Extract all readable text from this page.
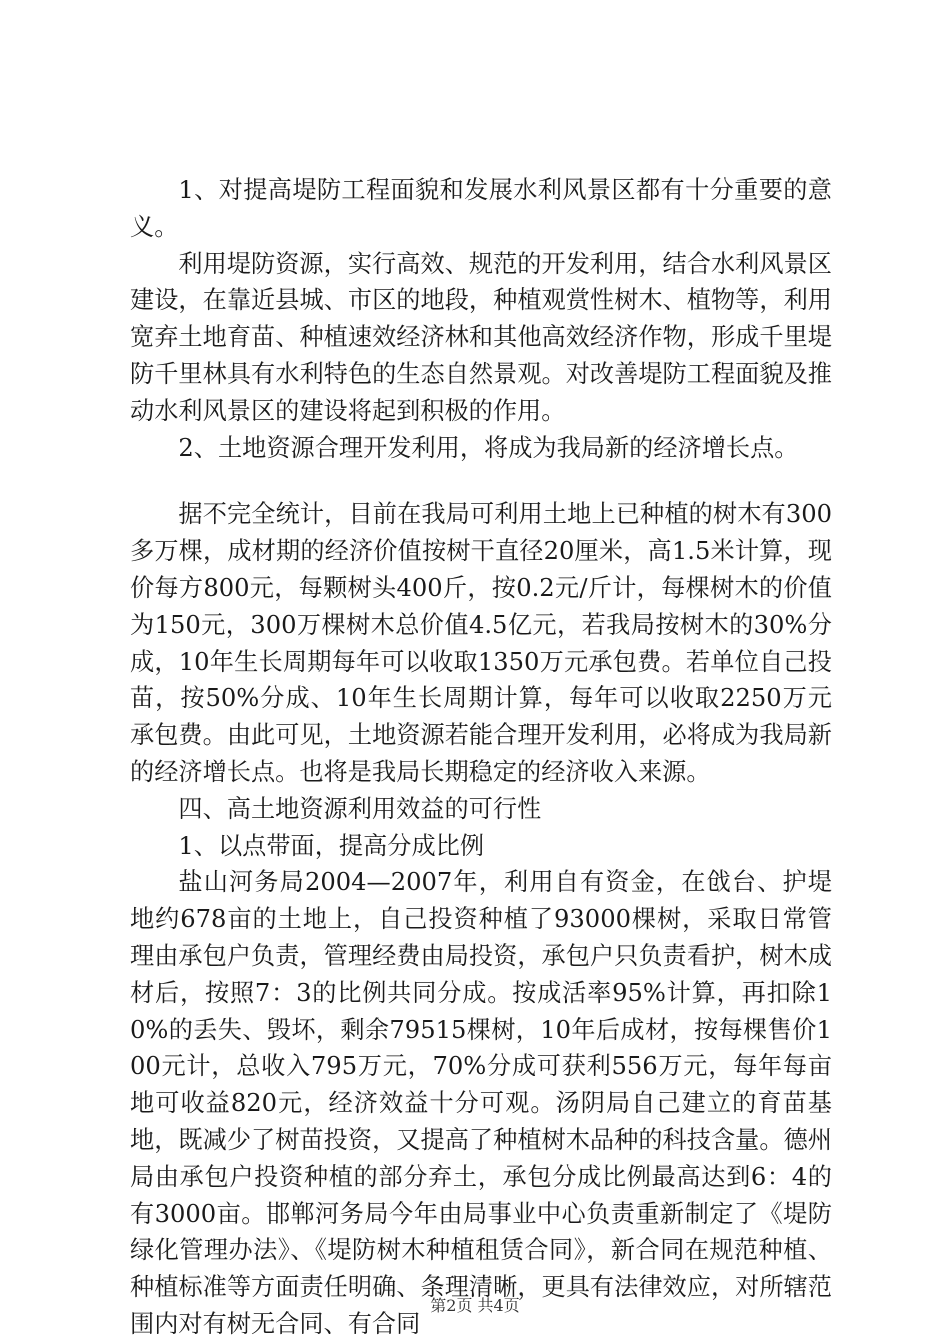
1、对提高堤防工程面貌和发展水利风景区都有十分重要的意义。

利用堤防资源，实行高效、规范的开发利用，结合水利风景区建设，在靠近县城、市区的地段，种植观赏性树木、植物等，利用宽弃土地育苗、种植速效经济林和其他高效经济作物，形成千里堤防千里林具有水利特色的生态自然景观。对改善堤防工程面貌及推动水利风景区的建设将起到积极的作用。

2、土地资源合理开发利用，将成为我局新的经济增长点。

据不完全统计，目前在我局可利用土地上已种植的树木有300多万棵，成材期的经济价值按树干直径20厘米，高1.5米计算，现价每方800元，每颗树头400斤，按0.2元/斤计，每棵树木的价值为150元，300万棵树木总价值4.5亿元，若我局按树木的30%分成，10年生长周期每年可以收取1350万元承包费。若单位自己投苗，按50%分成、10年生长周期计算，每年可以收取2250万元承包费。由此可见，土地资源若能合理开发利用，必将成为我局新的经济增长点。也将是我局长期稳定的经济收入来源。

四、高土地资源利用效益的可行性

1、以点带面，提高分成比例

盐山河务局2004—2007年，利用自有资金，在戗台、护堤地约678亩的土地上，自己投资种植了93000棵树，采取日常管理由承包户负责，管理经费由局投资，承包户只负责看护，树木成材后，按照7：3的比例共同分成。按成活率95%计算，再扣除10%的丢失、毁坏，剩余79515棵树，10年后成材，按每棵售价100元计，总收入795万元，70%分成可获利556万元，每年每亩地可收益820元，经济效益十分可观。汤阴局自己建立的育苗基地，既减少了树苗投资，又提高了种植树木品种的科技含量。德州局由承包户投资种植的部分弃土，承包分成比例最高达到6：4的有3000亩。邯郸河务局今年由局事业中心负责重新制定了《堤防绿化管理办法》、《堤防树木种植租赁合同》，新合同在规范种植、种植标准等方面责任明确、条理清晰，更具有法律效应，对所辖范围内对有树无合同、有合同

第2页 共4页
